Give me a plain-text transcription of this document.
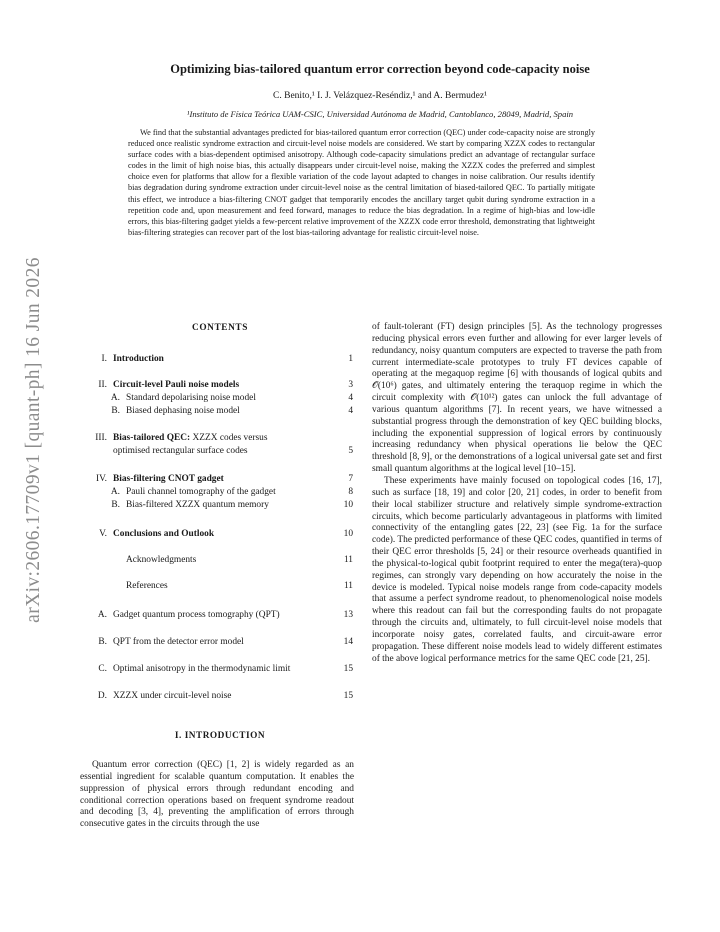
arXiv:2606.17709v1 [quant-ph] 16 Jun 2026
Optimizing bias-tailored quantum error correction beyond code-capacity noise
C. Benito,¹ I. J. Velázquez-Reséndiz,¹ and A. Bermudez¹
¹Instituto de Física Teórica UAM-CSIC, Universidad Autónoma de Madrid, Cantoblanco, 28049, Madrid, Spain

We find that the substantial advantages predicted for bias-tailored quantum error correction (QEC) under code-capacity noise are strongly reduced once realistic syndrome extraction and circuit-level noise models are considered. We start by comparing XZZX codes to rectangular surface codes with a bias-dependent optimised anisotropy. Although code-capacity simulations predict an advantage of rectangular surface codes in the limit of high noise bias, this actually disappears under circuit-level noise, making the XZZX codes the preferred and simplest choice even for platforms that allow for a flexible variation of the code layout adapted to changes in noise calibration. Our results identify bias degradation during syndrome extraction under circuit-level noise as the central limitation of biased-tailored QEC. To partially mitigate this effect, we introduce a bias-filtering CNOT gadget that temporarily encodes the ancillary target qubit during syndrome extraction in a repetition code and, upon measurement and feed forward, manages to reduce the bias degradation. In a regime of high-bias and low-idle errors, this bias-filtering gadget yields a few-percent relative improvement of the XZZX code error threshold, demonstrating that lightweight bias-filtering strategies can recover part of the lost bias-tailoring advantage for realistic circuit-level noise.

CONTENTS
I. Introduction	1
II. Circuit-level Pauli noise models	3
A. Standard depolarising noise model	4
B. Biased dephasing noise model	4
III. Bias-tailored QEC: XZZX codes versus
optimised rectangular surface codes	5
IV. Bias-filtering CNOT gadget	7
A. Pauli channel tomography of the gadget	8
B. Bias-filtered XZZX quantum memory	10
V. Conclusions and Outlook	10
Acknowledgments	11
References	11
A. Gadget quantum process tomography (QPT)	13
B. QPT from the detector error model	14
C. Optimal anisotropy in the thermodynamic limit	15
D. XZZX under circuit-level noise	15
I. INTRODUCTION

Quantum error correction (QEC) [1, 2] is widely regarded as an essential ingredient for scalable quantum computation. It enables the suppression of physical errors through redundant encoding and conditional correction operations based on frequent syndrome readout and decoding [3, 4], preventing the amplification of errors through consecutive gates in the circuits through the use

of fault-tolerant (FT) design principles [5]. As the technology progresses reducing physical errors even further and allowing for ever larger levels of redundancy, noisy quantum computers are expected to traverse the path from current intermediate-scale prototypes to truly FT devices capable of operating at the megaquop regime [6] with thousands of logical qubits and 𝒪(10⁶) gates, and ultimately entering the teraquop regime in which the circuit complexity with 𝒪(10¹²) gates can unlock the full advantage of various quantum algorithms [7]. In recent years, we have witnessed a substantial progress through the demonstration of key QEC building blocks, including the exponential suppression of logical errors by continuously increasing redundancy when physical operations lie below the QEC threshold [8, 9], or the demonstrations of a logical universal gate set and first small quantum algorithms at the logical level [10–15].

These experiments have mainly focused on topological codes [16, 17], such as surface [18, 19] and color [20, 21] codes, in order to benefit from their local stabilizer structure and relatively simple syndrome-extraction circuits, which become particularly advantageous in platforms with limited connectivity of the entangling gates [22, 23] (see Fig. 1a for the surface code). The predicted performance of these QEC codes, quantified in terms of their QEC error thresholds [5, 24] or their resource overheads quantified in the physical-to-logical qubit footprint required to enter the mega(tera)-quop regimes, can strongly vary depending on how accurately the noise in the device is modeled. Typical noise models range from code-capacity models that assume a perfect syndrome readout, to phenomenological noise models where this readout can fail but the corresponding faults do not propagate through the circuits and, ultimately, to full circuit-level noise models that incorporate noisy gates, correlated faults, and circuit-aware error propagation. These different noise models lead to widely different estimates of the above logical performance metrics for the same QEC code [21, 25].
